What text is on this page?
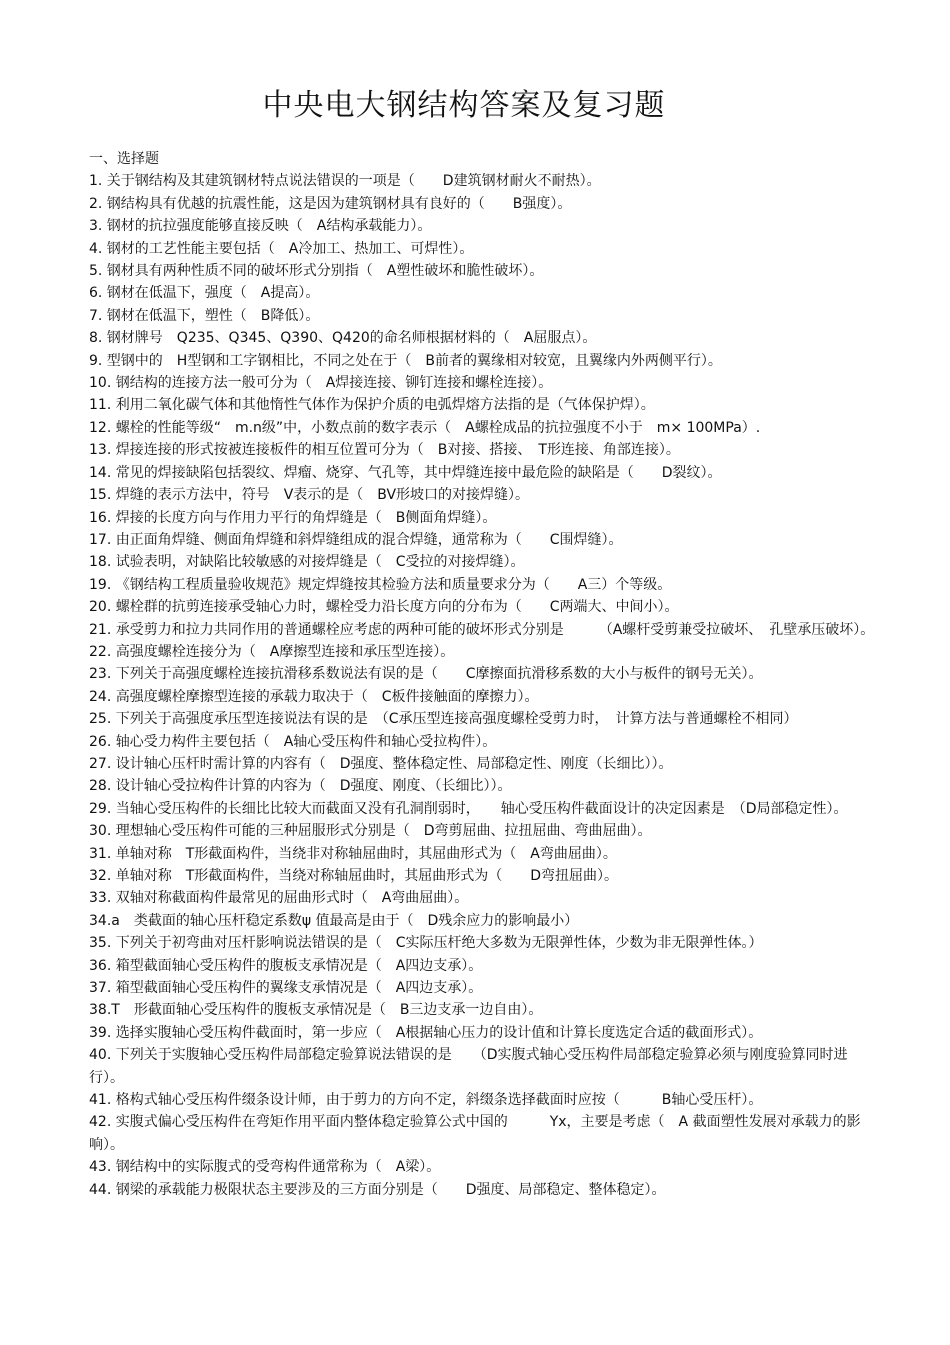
中央电大钢结构答案及复习题
一、选择题
1. 关于钢结构及其建筑钢材特点说法错误的一项是（　　D建筑钢材耐火不耐热）。
2. 钢结构具有优越的抗震性能，这是因为建筑钢材具有良好的（　　B强度）。
3. 钢材的抗拉强度能够直接反映（　A结构承载能力）。
4. 钢材的工艺性能主要包括（　A冷加工、热加工、可焊性）。
5. 钢材具有两种性质不同的破坏形式分别指（　A塑性破坏和脆性破坏）。
6. 钢材在低温下，强度（　A提高）。
7. 钢材在低温下，塑性（　B降低）。
8. 钢材牌号　Q235、Q345、Q390、Q420的命名师根据材料的（　A屈服点）。
9. 型钢中的　H型钢和工字钢相比，不同之处在于（　B前者的翼缘相对较宽，且翼缘内外两侧平行）。
10. 钢结构的连接方法一般可分为（　A焊接连接、铆钉连接和螺栓连接）。
11. 利用二氧化碳气体和其他惰性气体作为保护介质的电弧焊熔方法指的是（气体保护焊）。
12. 螺栓的性能等级“　m.n级”中，小数点前的数字表示（　A螺栓成品的抗拉强度不小于　m× 100MPa）.
13. 焊接连接的形式按被连接板件的相互位置可分为（　B对接、搭接、　T形连接、角部连接）。
14. 常见的焊接缺陷包括裂纹、焊瘤、烧穿、气孔等，其中焊缝连接中最危险的缺陷是（　　D裂纹）。
15. 焊缝的表示方法中，符号　V表示的是（　BV形坡口的对接焊缝）。
16. 焊接的长度方向与作用力平行的角焊缝是（　B侧面角焊缝）。
17. 由正面角焊缝、侧面角焊缝和斜焊缝组成的混合焊缝，通常称为（　　C围焊缝）。
18. 试验表明，对缺陷比较敏感的对接焊缝是（　C受拉的对接焊缝）。
19. 《钢结构工程质量验收规范》规定焊缝按其检验方法和质量要求分为（　　A三）个等级。
20. 螺栓群的抗剪连接承受轴心力时，螺栓受力沿长度方向的分布为（　　C两端大、中间小）。
21. 承受剪力和拉力共同作用的普通螺栓应考虑的两种可能的破坏形式分别是　　　（A螺杆受剪兼受拉破坏、　孔壁承压破坏）。
22. 高强度螺栓连接分为（　A摩擦型连接和承压型连接）。
23. 下列关于高强度螺栓连接抗滑移系数说法有误的是（　　C摩擦面抗滑移系数的大小与板件的钢号无关）。
24. 高强度螺栓摩擦型连接的承载力取决于（　C板件接触面的摩擦力）。
25. 下列关于高强度承压型连接说法有误的是　（C承压型连接高强度螺栓受剪力时，　计算方法与普通螺栓不相同）
26. 轴心受力构件主要包括（　A轴心受压构件和轴心受拉构件）。
27. 设计轴心压杆时需计算的内容有（　D强度、整体稳定性、局部稳定性、刚度（长细比））。
28. 设计轴心受拉构件计算的内容为（　D强度、刚度、（长细比））。
29. 当轴心受压构件的长细比比较大而截面又没有孔洞削弱时，　　轴心受压构件截面设计的决定因素是　（D局部稳定性）。
30. 理想轴心受压构件可能的三种屈服形式分别是（　D弯剪屈曲、拉扭屈曲、弯曲屈曲）。
31. 单轴对称　T形截面构件，当绕非对称轴屈曲时，其屈曲形式为（　A弯曲屈曲）。
32. 单轴对称　T形截面构件，当绕对称轴屈曲时，其屈曲形式为（　　D弯扭屈曲）。
33. 双轴对称截面构件最常见的屈曲形式时（　A弯曲屈曲）。
34.a　类截面的轴心压杆稳定系数ψ 值最高是由于（　D残余应力的影响最小）
35. 下列关于初弯曲对压杆影响说法错误的是（　C实际压杆绝大多数为无限弹性体，少数为非无限弹性体。）
36. 箱型截面轴心受压构件的腹板支承情况是（　A四边支承）。
37. 箱型截面轴心受压构件的翼缘支承情况是（　A四边支承）。
38.T　形截面轴心受压构件的腹板支承情况是（　B三边支承一边自由）。
39. 选择实腹轴心受压构件截面时，第一步应（　A根据轴心压力的设计值和计算长度选定合适的截面形式）。
40. 下列关于实腹轴心受压构件局部稳定验算说法错误的是　　（D实腹式轴心受压构件局部稳定验算必须与刚度验算同时进行）。
41. 格构式轴心受压构件缀条设计师，由于剪力的方向不定，斜缀条选择截面时应按（　　　B轴心受压杆）。
42. 实腹式偏心受压构件在弯矩作用平面内整体稳定验算公式中国的　　　Yx，主要是考虑（　A 截面塑性发展对承载力的影响）。
43. 钢结构中的实际腹式的受弯构件通常称为（　A梁）。
44. 钢梁的承载能力极限状态主要涉及的三方面分别是（　　D强度、局部稳定、整体稳定）。
